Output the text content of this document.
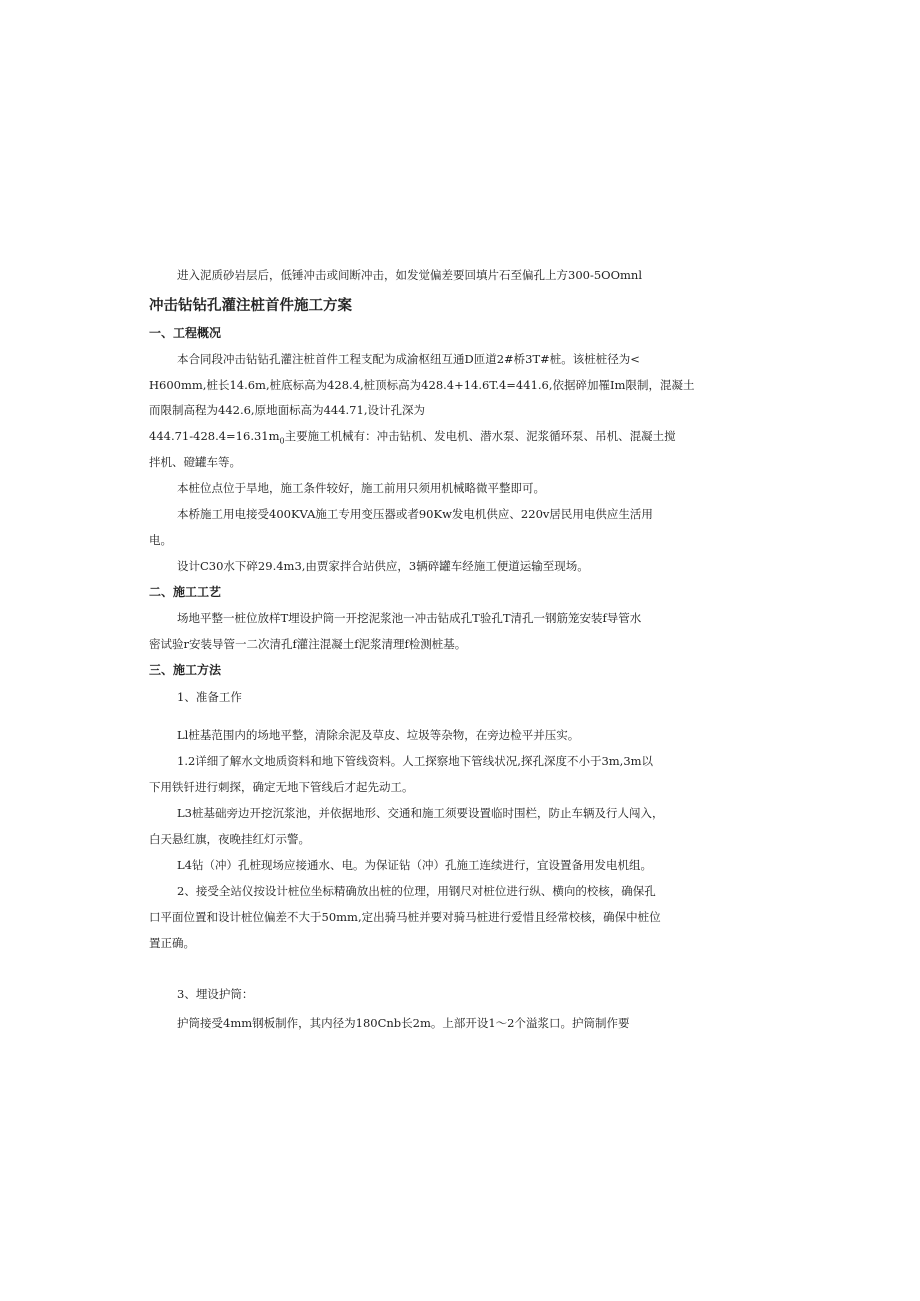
进入泥质砂岩层后，低锤冲击或间断冲击，如发觉偏差要回填片石至偏孔上方300-5OOmnl
冲击钻钻孔灌注桩首件施工方案
一、工程概况
本合同段冲击钻钻孔灌注桩首件工程支配为成渝枢纽互通D匝道2#桥3T#桩。该桩桩径为<
H600mm,桩长14.6m,桩底标高为428.4,桩顶标高为428.4+14.6T.4=441.6,依据碎加罹Im限制，混凝土
而限制高程为442.6,原地面标高为444.71,设计孔深为
$444.71-428.4=16.31m_0$主要施工机械有：冲击钻机、发电机、潜水泵、泥浆循环泵、吊机、混凝土搅
拌机、磴罐车等。
本桩位点位于旱地，施工条件较好，施工前用只须用机械略微平整即可。
本桥施工用电接受400KVA施工专用变压器或者90Kw发电机供应、220v居民用电供应生活用
电。
设计C30水下碎29.4m3,由贾家拌合站供应，3辆碎罐车经施工便道运输至现场。
二、施工工艺
场地平整一桩位放样T埋设护筒一开挖泥浆池一冲击钻成孔T验孔T清孔一钢筋笼安装f导管水
密试验r安装导管一二次清孔f灌注混凝土f泥浆清理f检测桩基。
三、施工方法
1、准备工作
Ll桩基范围内的场地平整，清除余泥及草皮、垃圾等杂物，在旁边检平并压实。
1.2详细了解水文地质资料和地下管线资料。人工探察地下管线状况,探孔深度不小于3m,3m以
下用铁钎进行刺探，确定无地下管线后才起先动工。
L3桩基础旁边开挖沉浆池，并依据地形、交通和施工须要设置临时围栏，防止车辆及行人闯入，
白天悬红旗，夜晚挂红灯示警。
L4钻（冲）孔桩现场应接通水、电。为保证钻（冲）孔施工连续进行，宜设置备用发电机组。
2、接受全站仪按设计桩位坐标精确放出桩的位理，用钢尺对桩位进行纵、横向的校核，确保孔
口平面位置和设计桩位偏差不大于50mm,定出骑马桩并要对骑马桩进行爱惜且经常校核，确保中桩位
置正确。
3、埋设护筒：
护筒接受4mm钢板制作，其内径为180Cnb长2m。上部开设1～2个溢浆口。护筒制作要
